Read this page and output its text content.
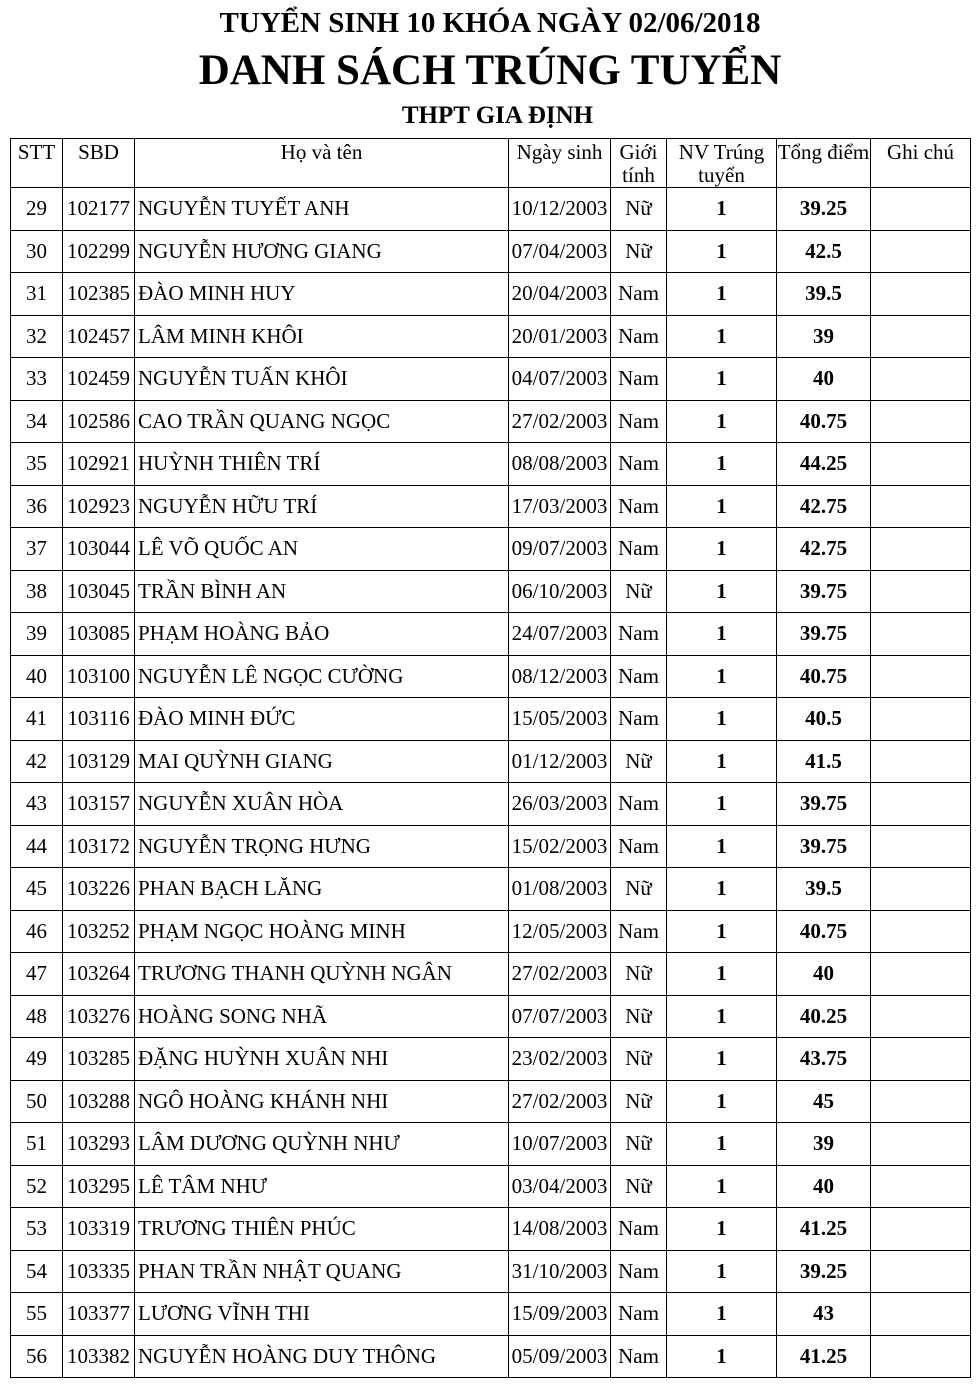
TUYỂN SINH 10 KHÓA NGÀY 02/06/2018
DANH SÁCH TRÚNG TUYỂN
THPT GIA ĐỊNH
STT	SBD	Họ và tên	Ngày sinh	Giới tính	NV Trúng tuyển	Tổng điểm	Ghi chú
29	102177	NGUYỄN TUYẾT ANH	10/12/2003	Nữ	1	39.25	
30	102299	NGUYỄN HƯƠNG GIANG	07/04/2003	Nữ	1	42.5	
31	102385	ĐÀO MINH HUY	20/04/2003	Nam	1	39.5	
32	102457	LÂM MINH KHÔI	20/01/2003	Nam	1	39	
33	102459	NGUYỄN TUẤN KHÔI	04/07/2003	Nam	1	40	
34	102586	CAO TRẦN QUANG NGỌC	27/02/2003	Nam	1	40.75	
35	102921	HUỲNH THIÊN TRÍ	08/08/2003	Nam	1	44.25	
36	102923	NGUYỄN HỮU TRÍ	17/03/2003	Nam	1	42.75	
37	103044	LÊ VÕ QUỐC AN	09/07/2003	Nam	1	42.75	
38	103045	TRẦN BÌNH AN	06/10/2003	Nữ	1	39.75	
39	103085	PHẠM HOÀNG BẢO	24/07/2003	Nam	1	39.75	
40	103100	NGUYỄN LÊ NGỌC CƯỜNG	08/12/2003	Nam	1	40.75	
41	103116	ĐÀO MINH ĐỨC	15/05/2003	Nam	1	40.5	
42	103129	MAI QUỲNH GIANG	01/12/2003	Nữ	1	41.5	
43	103157	NGUYỄN XUÂN HÒA	26/03/2003	Nam	1	39.75	
44	103172	NGUYỄN TRỌNG HƯNG	15/02/2003	Nam	1	39.75	
45	103226	PHAN BẠCH LĂNG	01/08/2003	Nữ	1	39.5	
46	103252	PHẠM NGỌC HOÀNG MINH	12/05/2003	Nam	1	40.75	
47	103264	TRƯƠNG THANH QUỲNH NGÂN	27/02/2003	Nữ	1	40	
48	103276	HOÀNG SONG NHÃ	07/07/2003	Nữ	1	40.25	
49	103285	ĐẶNG HUỲNH XUÂN NHI	23/02/2003	Nữ	1	43.75	
50	103288	NGÔ HOÀNG KHÁNH NHI	27/02/2003	Nữ	1	45	
51	103293	LÂM DƯƠNG QUỲNH NHƯ	10/07/2003	Nữ	1	39	
52	103295	LÊ TÂM NHƯ	03/04/2003	Nữ	1	40	
53	103319	TRƯƠNG THIÊN PHÚC	14/08/2003	Nam	1	41.25	
54	103335	PHAN TRẦN NHẬT QUANG	31/10/2003	Nam	1	39.25	
55	103377	LƯƠNG VĨNH THI	15/09/2003	Nam	1	43	
56	103382	NGUYỄN HOÀNG DUY THÔNG	05/09/2003	Nam	1	41.25	
